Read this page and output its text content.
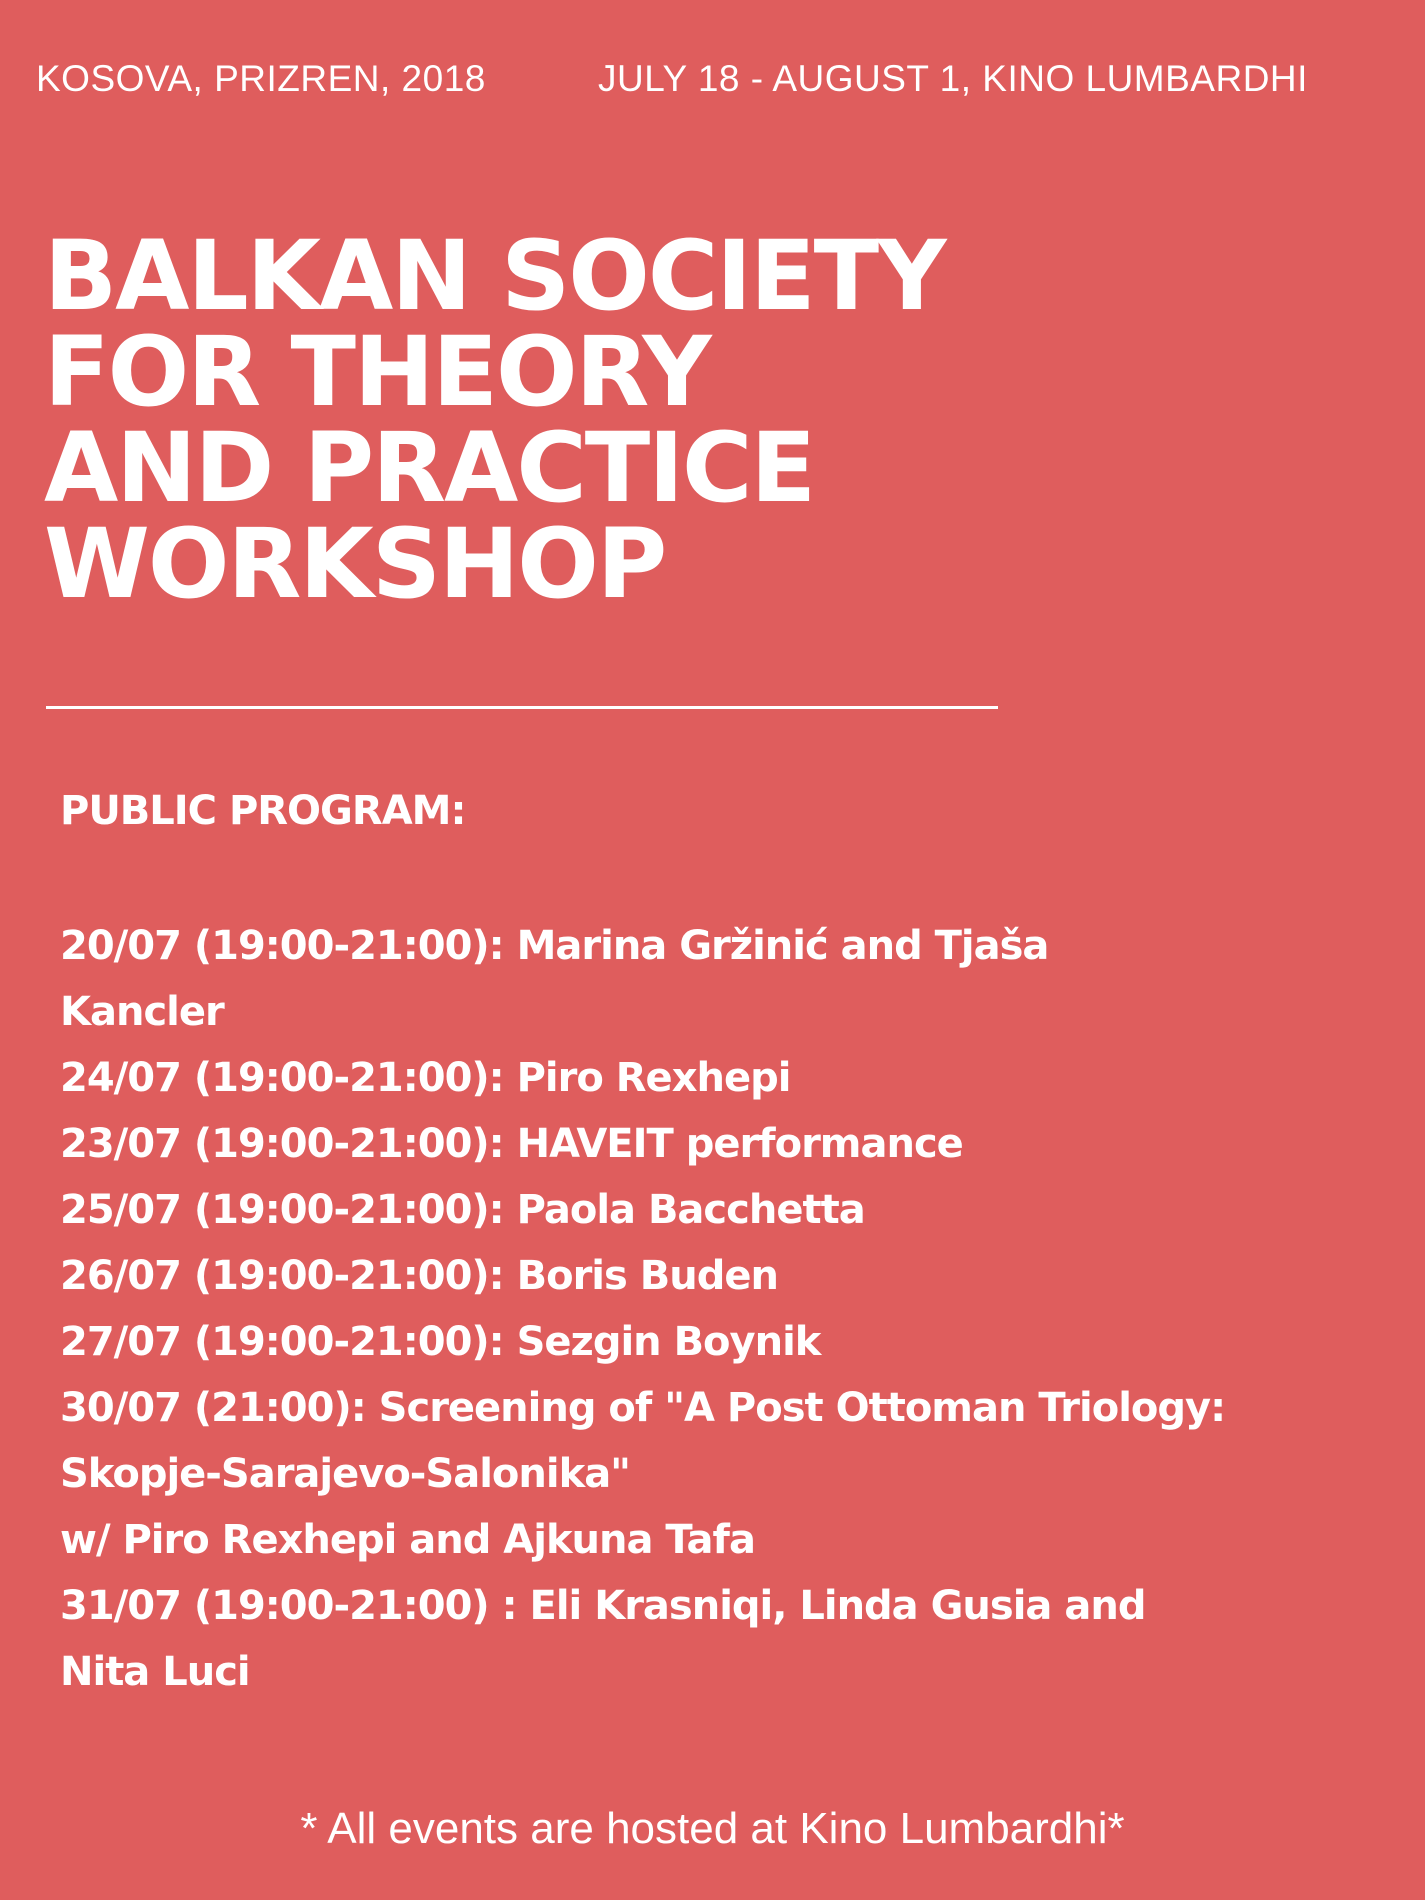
KOSOVA, PRIZREN, 2018	JULY 18 - AUGUST 1, KINO LUMBARDHI
BALKAN SOCIETY
FOR THEORY
AND PRACTICE
WORKSHOP
PUBLIC PROGRAM:
20/07 (19:00-21:00): Marina Gržinić and Tjaša
Kancler
24/07 (19:00-21:00): Piro Rexhepi
23/07 (19:00-21:00): HAVEIT performance
25/07 (19:00-21:00): Paola Bacchetta
26/07 (19:00-21:00): Boris Buden
27/07 (19:00-21:00): Sezgin Boynik
30/07 (21:00): Screening of "A Post Ottoman Triology:
Skopje-Sarajevo-Salonika"
w/ Piro Rexhepi and Ajkuna Tafa
31/07 (19:00-21:00) : Eli Krasniqi, Linda Gusia and
Nita Luci
* All events are hosted at Kino Lumbardhi*
